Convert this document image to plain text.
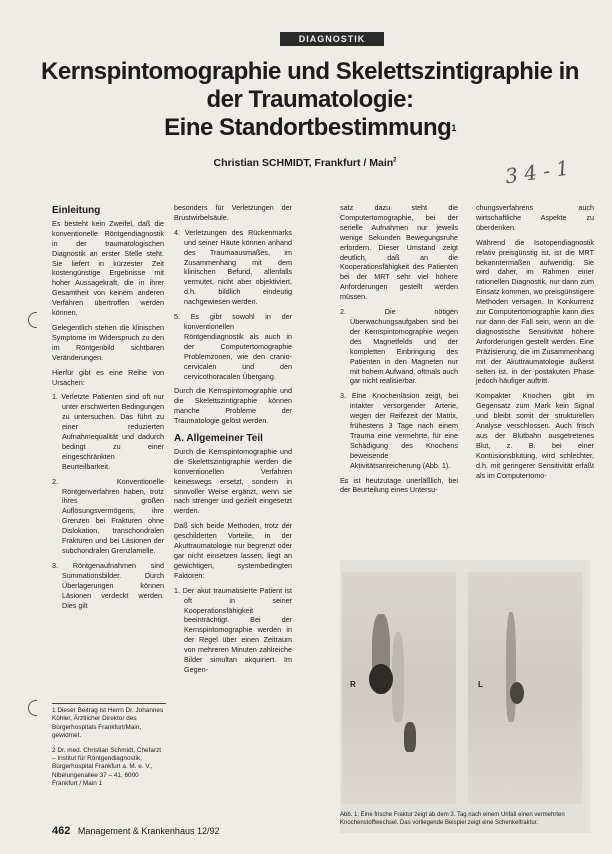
DIAGNOSTIK
Kernspintomographie und Skelettszintigraphie in
der Traumatologie:
Eine Standortbestimmung$^1$
Christian SCHMIDT, Frankfurt / Main$^2$	3 4 - 1
Einleitung

Es besteht kein Zweifel, daß die konventionelle Röntgendiagnostik in der traumatologischen Diagnostik an erster Stelle steht. Sie liefert in kürzester Zeit kostengünstige Ergebnisse mit hoher Aussagekraft, die in ihrer Gesamtheit von keinem anderen Verfahren übertroffen werden können.

Gelegentlich stehen die klinischen Symptome im Widerspruch zu den im Röntgenbild sichtbaren Veränderungen.

Hierfür gibt es eine Reihe von Ursachen:

1. Verletzte Patienten sind oft nur unter erschwerten Bedingungen zu untersuchen. Das führt zu einer reduzierten Aufnahmequalität und dadurch bedingt zu einer eingeschränkten Beurteilbarkeit.
2. Konventionelle Röntgenverfahren haben, trotz ihres großen Auflösungsvermögens, ihre Grenzen bei Frakturen ohne Dislokation, transchondralen Frakturen und bei Läsionen der subchondralen Grenzlamelle.
3. Röntgenaufnahmen sind Summationsbilder. Durch Überlagerungen können Läsionen verdeckt werden. Dies gilt

1 Dieser Beitrag ist Herrn Dr. Johannes Köhler, Ärztlicher Direktor des Bürgerhospitals Frankfurt/Main, gewidmet.

2 Dr. med. Christian Schmidt, Chefarzt – Institut für Röntgendiagnostik, Bürgerhospital Frankfurt a. M. e. V., Nibelungenallee 37 – 41, 6000 Frankfurt / Main 1

besonders für Verletzungen der Brustwirbelsäule.

4. Verletzungen des Rückenmarks und seiner Häute können anhand des Traumaausmaßes, im Zusammenhang mit dem klinischen Befund, allenfalls vermutet, nicht aber objektiviert, d.h. bildlich eindeutig nachgewiesen werden.
5. Es gibt sowohl in der konventionellen Röntgendiagnostik als auch in der Computertomographie Problemzonen, wie den cranio-cervicalen und den cervicothoracalen Übergang.

Durch die Kernspintomographie und die Skelettszintigraphie können manche Probleme der Traumatologie gelöst werden.

A. Allgemeiner Teil

Durch die Kernspintomographie und die Skelettszintigraphie werden die konventionellen Verfahren keineswegs ersetzt, sondern in sinnvoller Weise ergänzt, wenn sie nach strenger und gezielt eingesetzt werden.

Daß sich beide Methoden, trotz der geschilderten Vorteile, in der Akuttraumatologie nur begrenzt oder gar nicht einsetzen lassen, liegt an gewichtigen, systembedingten Faktoren:

1. Der akut traumatisierte Patient ist oft in seiner Kooperationsfähigkeit beeinträchtigt. Bei der Kernspintomographie werden in der Regel über einen Zeitraum von mehreren Minuten zahlreiche Bilder simultan akquiriert. Im Gegen-

satz dazu steht die Computertomographie, bei der serielle Aufnahmen nur jeweils wenige Sekunden Bewegungsruhe erfordern. Dieser Umstand zeigt deutlich, daß an die Kooperationsfähigkeit des Patienten bei der MRT sehr viel höhere Anforderungen gestellt werden müssen.

2. Die nötigen Überwachungsaufgaben sind bei der Kernspintomographie wegen des Magnetfelds und der kompletten Einbringung des Patienten in den Magneten nur mit hohem Aufwand, oftmals auch gar nicht realisierbar.
3. Eine Knochenläsion zeigt, bei intakter versorgender Arterie, wegen der Reifezeit der Matrix, frühestens 3 Tage nach einem Trauma eine vermehrte, für eine Schädigung des Knochens beweisende Aktivitätsanreicherung (Abb. 1).

Es ist heutzutage unerläßlich, bei der Beurteilung eines Untersu-

chungsverfahrens auch wirtschaftliche Aspekte zu überdenken.

Während die Isotopendiagnostik relativ preisgünstig ist, ist die MRT bekanntermaßen aufwendig. Sie wird daher, im Rahmen einer rationellen Diagnostik, nur dann zum Einsatz kommen, wo preisgünstigere Methoden versagen. In Konkurrenz zur Computertomographie kann dies nur dann der Fall sein, wenn an die diagnostische Sensitivität höhere Anforderungen gestellt werden. Eine Präzisierung, die im Zusammenhang mit der Akuttraumatologie äußerst selten ist, in der postakuten Phase jedoch häufiger auftritt.

Kompakter Knochen gibt im Gegensatz zum Mark kein Signal und bleibt somit der strukturellen Analyse verschlossen. Auch frisch aus der Blutbahn ausgetretenes Blut, z. B. bei einer Kontusionsblutung, wird schlechter, d.h. mit geringerer Sensitivität erfaßt als im Computertomo-

R	L
Abb. 1: Eine frische Fraktur zeigt ab dem 3. Tag nach einem Unfall einen vermehrten Knochenstoffwechsel. Das vorliegende Beispiel zeigt eine Schenkelfraktur.
462 Management & Krankenhaus 12/92
